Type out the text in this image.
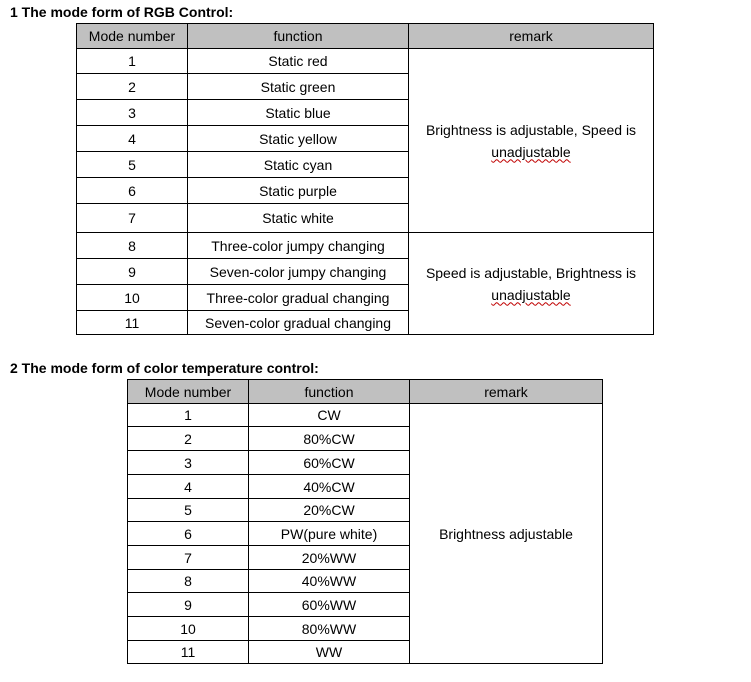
1 The mode form of RGB Control:
Mode number	function	remark
1	Static red	Brightness is adjustable, Speed is unadjustable
2	Static green	
3	Static blue	
4	Static yellow	
5	Static cyan	
6	Static purple	
7	Static white	
8	Three-color jumpy changing	Speed is adjustable, Brightness is unadjustable
9	Seven-color jumpy changing	
10	Three-color gradual changing	
11	Seven-color gradual changing	
2 The mode form of color temperature control:
Mode number	function	remark
1	CW	Brightness adjustable
2	80%CW	
3	60%CW	
4	40%CW	
5	20%CW	
6	PW(pure white)	
7	20%WW	
8	40%WW	
9	60%WW	
10	80%WW	
11	WW	
